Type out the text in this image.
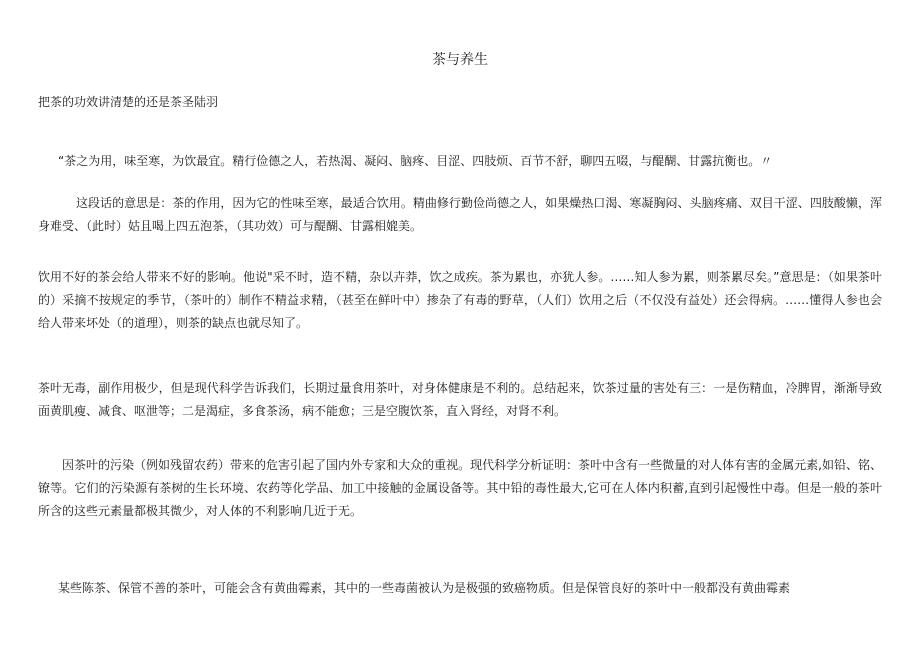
茶与养生

把茶的功效讲清楚的还是茶圣陆羽

“茶之为用，味至寒，为饮最宜。精行俭德之人，若热渴、凝闷、脑疼、目涩、四肢烦、百节不舒，聊四五啜，与醍醐、甘露抗衡也。〃

这段话的意思是：茶的作用，因为它的性味至寒，最适合饮用。精曲修行勤俭尚德之人，如果燥热口渴、寒凝胸闷、头脑疼痛、双目干涩、四肢酸懒，浑身难受、（此时）姑且喝上四五泡茶，（其功效）可与醍醐、甘露相媲美。

饮用不好的茶会给人带来不好的影响。他说"采不时，造不精，杂以卉莽，饮之成疾。茶为累也，亦犹人参。……知人参为累，则茶累尽矣。”意思是：（如果茶叶的）采摘不按规定的季节，（茶叶的）制作不精益求精，（甚至在鲜叶中）掺杂了有毒的野草，（人们）饮用之后（不仅没有益处）还会得病。……懂得人参也会给人带来坏处（的道理），则茶的缺点也就尽知了。

茶叶无毒，副作用极少，但是现代科学告诉我们，长期过量食用茶叶，对身体健康是不利的。总结起来，饮茶过量的害处有三：一是伤精血，冷脾胃，渐渐导致面黄肌瘦、减食、呕泄等；二是渴症，多食茶汤，病不能愈；三是空腹饮茶，直入肾经，对肾不利。

因茶叶的污染（例如残留农药）带来的危害引起了国内外专家和大众的重视。现代科学分析证明：茶叶中含有一些微量的对人体有害的金属元素,如铅、铭、镣等。它们的污染源有茶树的生长环境、农药等化学品、加工中接触的金属设备等。其中铅的毒性最大,它可在人体内积蓄,直到引起慢性中毒。但是一般的茶叶所含的这些元素量都极其微少，对人体的不利影响几近于无。

某些陈茶、保管不善的茶叶，可能会含有黄曲霉素，其中的一些毒菌被认为是极强的致癌物质。但是保管良好的茶叶中一般都没有黄曲霉素
